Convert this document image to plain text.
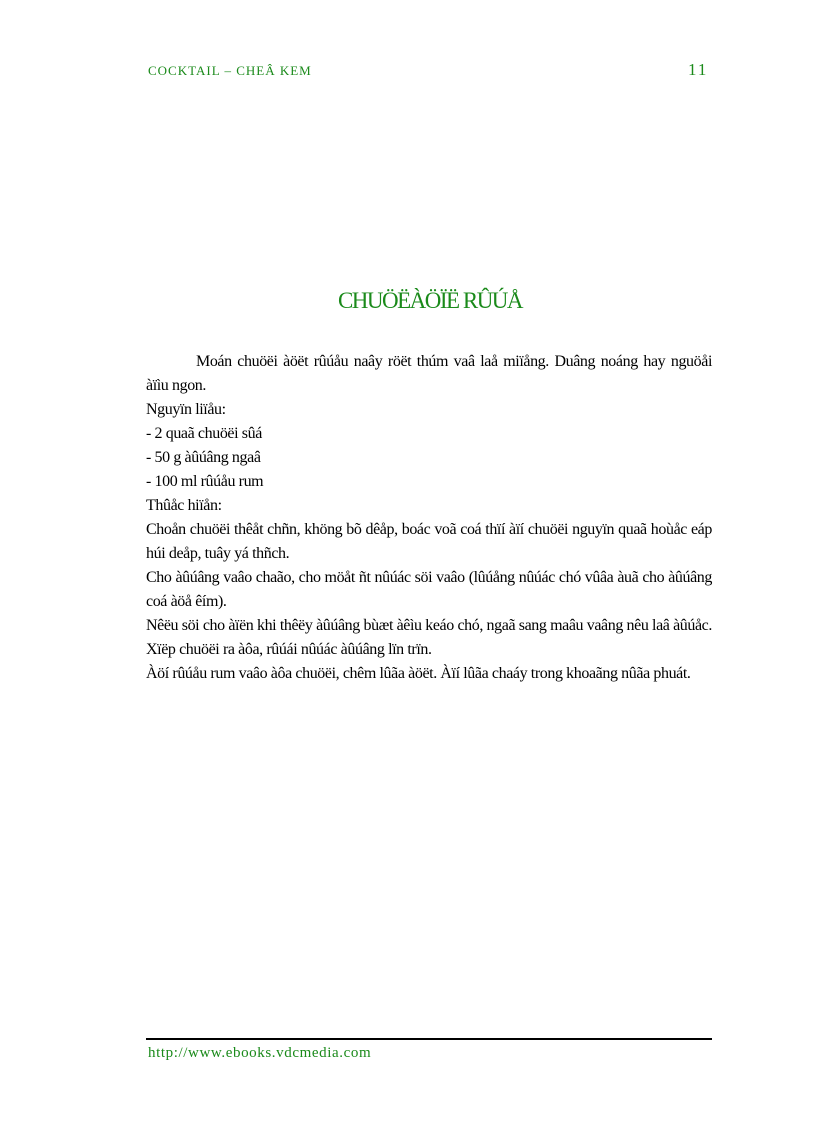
COCKTAIL – CHEÂ KEM	11
CHUÖËÀÖÏË RÛÚÅ

Moán chuöëi àöët rûúåu naây röët thúm vaâ laå miïång. Duâng noáng hay nguöåi àïìu ngon.

Nguyïn liïåu:

- 2 quaã chuöëi sûá

- 50 g àûúâng ngaâ

- 100 ml rûúåu rum

Thûåc hiïån:

Choån chuöëi thêåt chñn, khöng bõ dêåp, boác voã coá thïí àïí chuöëi nguyïn quaã hoùåc eáp húi deåp, tuây yá thñch.

Cho àûúâng vaâo chaão, cho möåt ñt nûúác söi vaâo (lûúång nûúác chó vûâa àuã cho àûúâng coá àöå êím).

Nêëu söi cho àïën khi thêëy àûúâng bùæt àêìu keáo chó, ngaã sang maâu vaâng nêu laâ àûúåc.

Xïëp chuöëi ra àôa, rûúái nûúác àûúâng lïn trïn.

Àöí rûúåu rum vaâo àôa chuöëi, chêm lûãa àöët. Àïí lûãa chaáy trong khoaãng nûãa phuát.

http://www.ebooks.vdcmedia.com
